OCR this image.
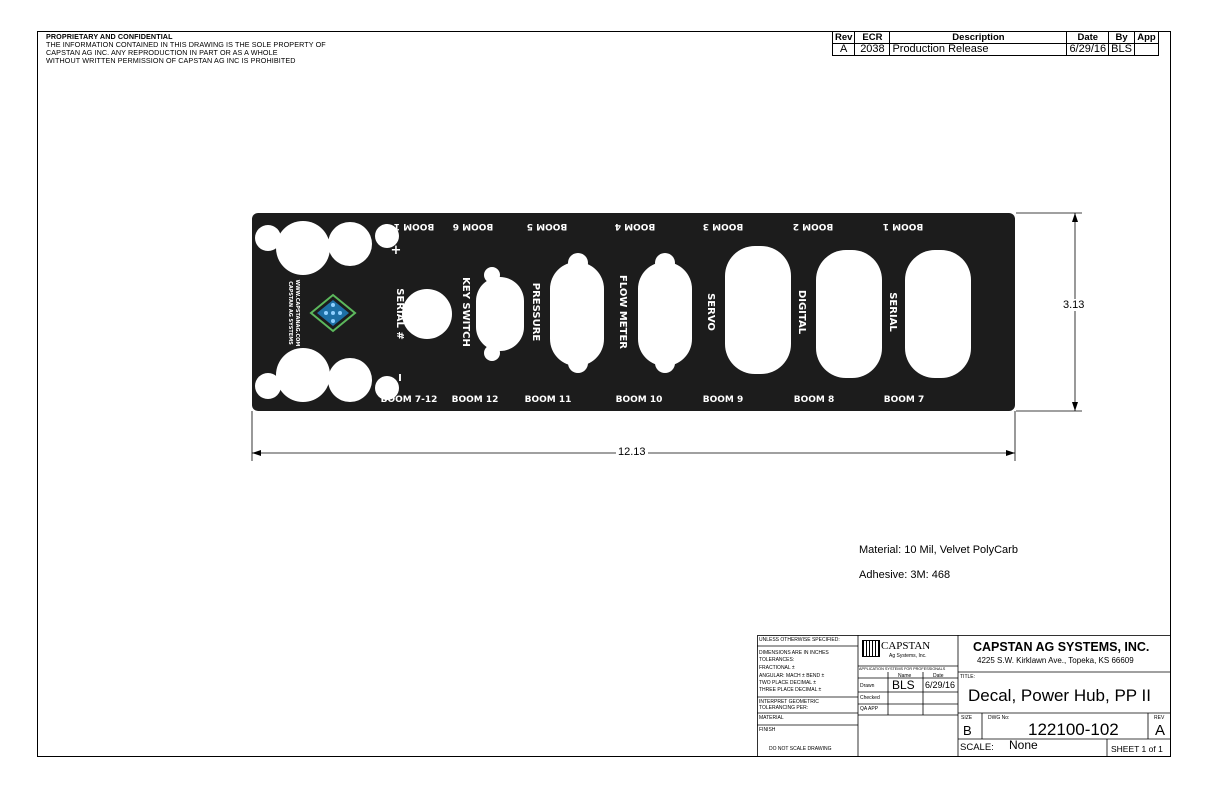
PROPRIETARY AND CONFIDENTIAL
THE INFORMATION CONTAINED IN THIS DRAWING IS THE SOLE PROPERTY OF
CAPSTAN AG INC. ANY REPRODUCTION IN PART OR AS A WHOLE
WITHOUT WRITTEN PERMISSION OF CAPSTAN AG INC IS PROHIBITED
Rev	ECR	Description	Date	By	App
A	2038	Production Release	6/29/16	BLS	
CAPSTAN AG SYSTEMS WWW.CAPSTANAG.COM
+
I
BOOM 1-6 BOOM 6	BOOM 5	BOOM 4	BOOM 3	BOOM 2	BOOM 1
BOOM 7-12 BOOM 12	BOOM 11	BOOM 10	BOOM 9	BOOM 8	BOOM 7
SERIAL #	KEY SWITCH	PRESSURE	FLOW METER	SERVO	DIGITAL	SERIAL	3.13
12.13
Material: 10 Mil, Velvet PolyCarb
Adhesive: 3M: 468
UNLESS OTHERWISE SPECIFIED:
DIMENSIONS ARE IN INCHES
TOLERANCES:
FRACTIONAL ±
ANGULAR: MACH ± BEND ±
TWO PLACE DECIMAL ±
THREE PLACE DECIMAL ±
INTERPRET GEOMETRIC
TOLERANCING PER:
MATERIAL
FINISH
DO NOT SCALE DRAWING
CAPSTAN
Ag Systems, Inc.
APPLICATION SYSTEMS FOR PROFESSIONALS
Name	Date
Drawn BLS 6/29/16
Checked
QA APP
CAPSTAN AG SYSTEMS, INC.
4225 S.W. Kirklawn Ave., Topeka, KS 66609
TITLE:
Decal, Power Hub, PP II
SIZE
B
DWG No:
122100-102
REV
A
SCALE: None	SHEET 1 of 1
